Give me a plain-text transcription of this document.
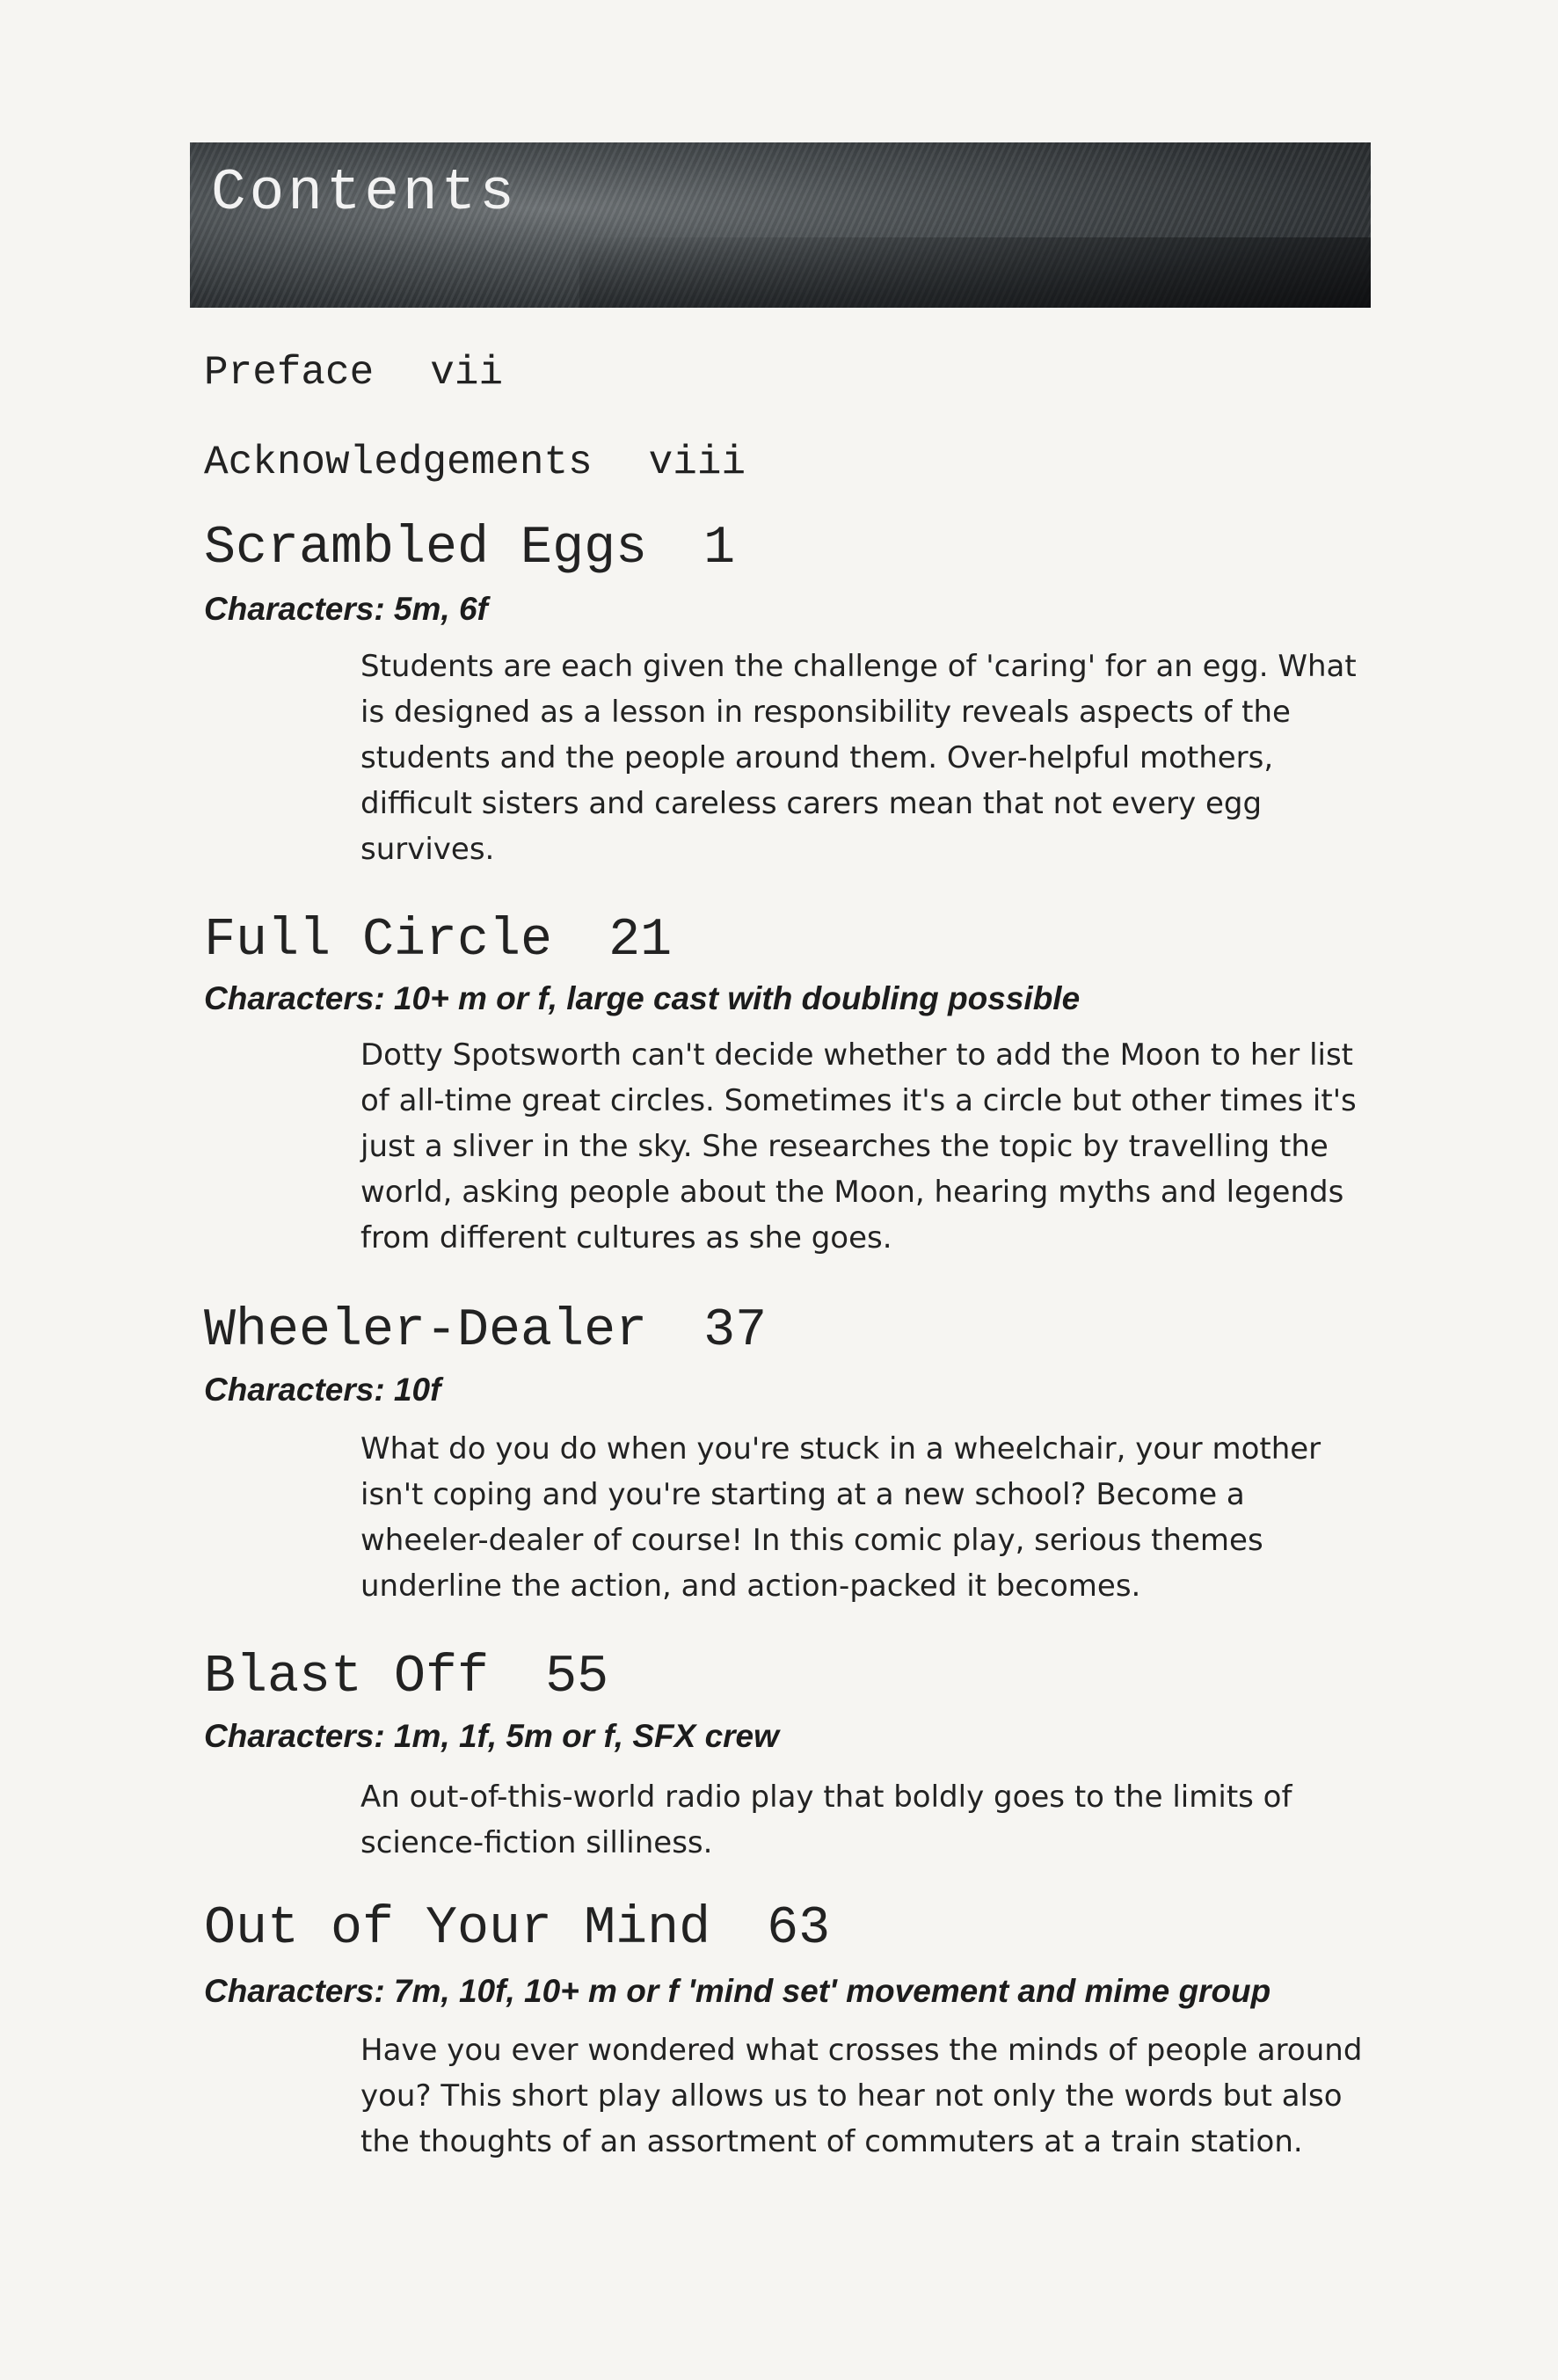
Contents
Preface vii
Acknowledgements viii
Scrambled Eggs 1
Characters: 5m, 6f
Students are each given the challenge of 'caring' for an egg. What is designed as a lesson in responsibility reveals aspects of the students and the people around them. Over-helpful mothers, difficult sisters and careless carers mean that not every egg survives.
Full Circle 21
Characters: 10+ m or f, large cast with doubling possible
Dotty Spotsworth can't decide whether to add the Moon to her list of all-time great circles. Sometimes it's a circle but other times it's just a sliver in the sky. She researches the topic by travelling the world, asking people about the Moon, hearing myths and legends from different cultures as she goes.
Wheeler-Dealer 37
Characters: 10f
What do you do when you're stuck in a wheelchair, your mother isn't coping and you're starting at a new school? Become a wheeler-dealer of course! In this comic play, serious themes underline the action, and action-packed it becomes.
Blast Off 55
Characters: 1m, 1f, 5m or f, SFX crew
An out-of-this-world radio play that boldly goes to the limits of science-fiction silliness.
Out of Your Mind 63
Characters: 7m, 10f, 10+ m or f 'mind set' movement and mime group
Have you ever wondered what crosses the minds of people around you? This short play allows us to hear not only the words but also the thoughts of an assortment of commuters at a train station.
